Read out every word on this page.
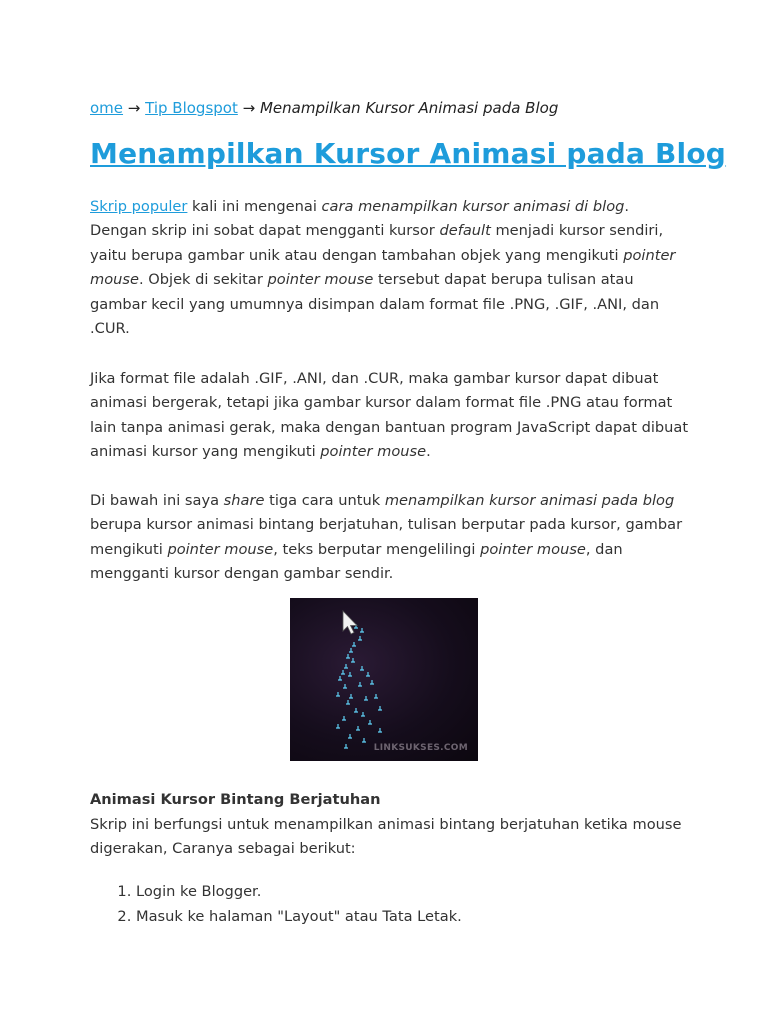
ome → Tip Blogspot → Menampilkan Kursor Animasi pada Blog
Menampilkan Kursor Animasi pada Blog

Skrip populer kali ini mengenai cara menampilkan kursor animasi di blog. Dengan skrip ini sobat dapat mengganti kursor default menjadi kursor sendiri, yaitu berupa gambar unik atau dengan tambahan objek yang mengikuti pointer mouse. Objek di sekitar pointer mouse tersebut dapat berupa tulisan atau gambar kecil yang umumnya disimpan dalam format file .PNG, .GIF, .ANI, dan .CUR.

Jika format file adalah .GIF, .ANI, dan .CUR, maka gambar kursor dapat dibuat animasi bergerak, tetapi jika gambar kursor dalam format file .PNG atau format lain tanpa animasi gerak, maka dengan bantuan program JavaScript dapat dibuat animasi kursor yang mengikuti pointer mouse.

Di bawah ini saya share tiga cara untuk menampilkan kursor animasi pada blog berupa kursor animasi bintang berjatuhan, tulisan berputar pada kursor, gambar mengikuti pointer mouse, teks berputar mengelilingi pointer mouse, dan mengganti kursor dengan gambar sendir.

LINKSUKSES.COM
Animasi Kursor Bintang Berjatuhan
Skrip ini berfungsi untuk menampilkan animasi bintang berjatuhan ketika mouse digerakan, Caranya sebagai berikut:
1. Login ke Blogger.
2. Masuk ke halaman "Layout" atau Tata Letak.
